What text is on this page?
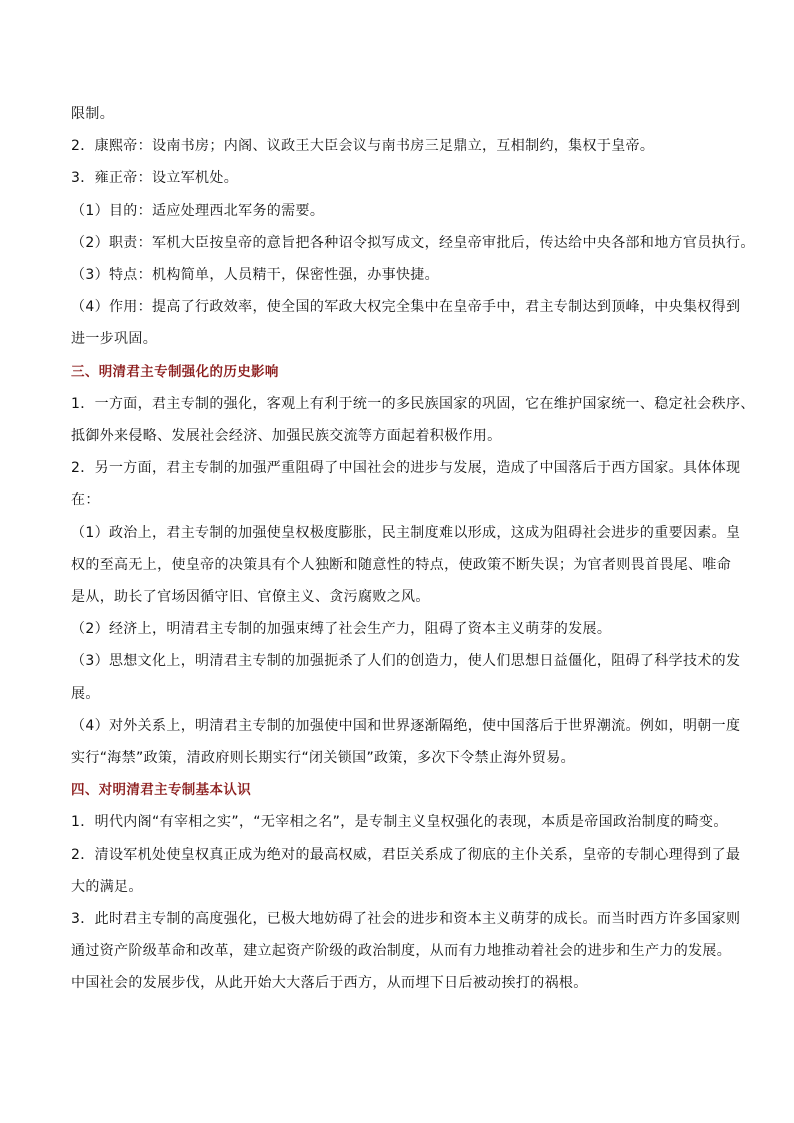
限制。
2．康熙帝：设南书房；内阁、议政王大臣会议与南书房三足鼎立，互相制约，集权于皇帝。
3．雍正帝：设立军机处。
（1）目的：适应处理西北军务的需要。
（2）职责：军机大臣按皇帝的意旨把各种诏令拟写成文，经皇帝审批后，传达给中央各部和地方官员执行。
（3）特点：机构简单，人员精干，保密性强，办事快捷。
（4）作用：提高了行政效率，使全国的军政大权完全集中在皇帝手中，君主专制达到顶峰，中央集权得到
进一步巩固。
三、明清君主专制强化的历史影响
1．一方面，君主专制的强化，客观上有利于统一的多民族国家的巩固，它在维护国家统一、稳定社会秩序、
抵御外来侵略、发展社会经济、加强民族交流等方面起着积极作用。
2．另一方面，君主专制的加强严重阻碍了中国社会的进步与发展，造成了中国落后于西方国家。具体体现
在：
（1）政治上，君主专制的加强使皇权极度膨胀，民主制度难以形成，这成为阻碍社会进步的重要因素。皇
权的至高无上，使皇帝的决策具有个人独断和随意性的特点，使政策不断失误；为官者则畏首畏尾、唯命
是从，助长了官场因循守旧、官僚主义、贪污腐败之风。
（2）经济上，明清君主专制的加强束缚了社会生产力，阻碍了资本主义萌芽的发展。
（3）思想文化上，明清君主专制的加强扼杀了人们的创造力，使人们思想日益僵化，阻碍了科学技术的发
展。
（4）对外关系上，明清君主专制的加强使中国和世界逐渐隔绝，使中国落后于世界潮流。例如，明朝一度
实行“海禁”政策，清政府则长期实行“闭关锁国”政策，多次下令禁止海外贸易。
四、对明清君主专制基本认识
1．明代内阁“有宰相之实”，“无宰相之名”，是专制主义皇权强化的表现，本质是帝国政治制度的畸变。
2．清设军机处使皇权真正成为绝对的最高权威，君臣关系成了彻底的主仆关系，皇帝的专制心理得到了最
大的满足。
3．此时君主专制的高度强化，已极大地妨碍了社会的进步和资本主义萌芽的成长。而当时西方许多国家则
通过资产阶级革命和改革，建立起资产阶级的政治制度，从而有力地推动着社会的进步和生产力的发展。
中国社会的发展步伐，从此开始大大落后于西方，从而埋下日后被动挨打的祸根。
